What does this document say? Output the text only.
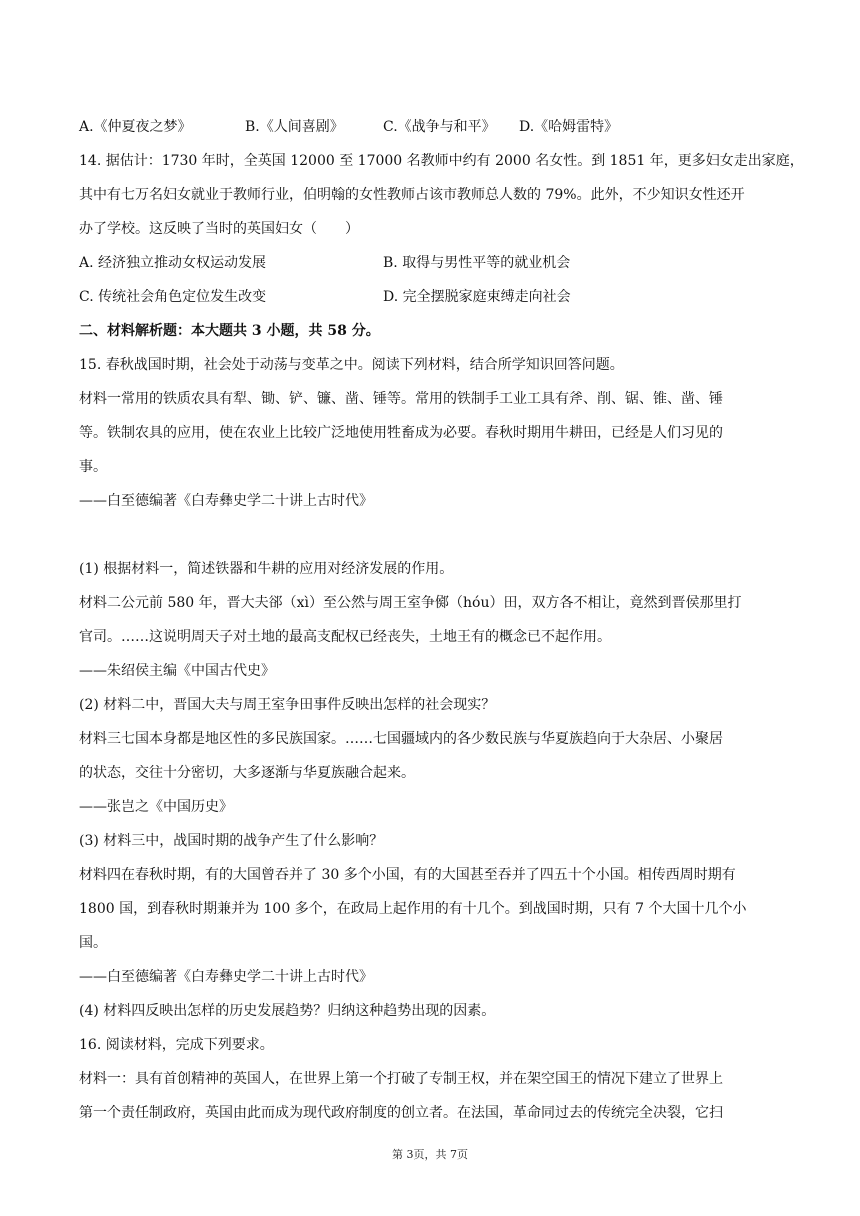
A.《仲夏夜之梦》	B.《人间喜剧》	C.《战争与和平》 D.《哈姆雷特》
14. 据估计：1730 年时，全英国 12000 至 17000 名教师中约有 2000 名女性。到 1851 年，更多妇女走出家庭，
其中有七万名妇女就业于教师行业，伯明翰的女性教师占该市教师总人数的 79%。此外，不少知识女性还开
办了学校。这反映了当时的英国妇女（　　）
A. 经济独立推动女权运动发展	B. 取得与男性平等的就业机会
C. 传统社会角色定位发生改变	D. 完全摆脱家庭束缚走向社会
二、材料解析题：本大题共 3 小题，共 58 分。
15. 春秋战国时期，社会处于动荡与变革之中。阅读下列材料，结合所学知识回答问题。
材料一常用的铁质农具有犁、锄、铲、镰、凿、锤等。常用的铁制手工业工具有斧、削、锯、锥、凿、锤
等。铁制农具的应用，使在农业上比较广泛地使用牲畜成为必要。春秋时期用牛耕田，已经是人们习见的
事。
——白至德编著《白寿彝史学二十讲上古时代》
(1) 根据材料一，简述铁器和牛耕的应用对经济发展的作用。
材料二公元前 580 年，晋大夫郤（xì）至公然与周王室争鄇（hóu）田，双方各不相让，竟然到晋侯那里打
官司。……这说明周天子对土地的最高支配权已经丧失，土地王有的概念已不起作用。
——朱绍侯主编《中国古代史》
(2) 材料二中，晋国大夫与周王室争田事件反映出怎样的社会现实？
材料三七国本身都是地区性的多民族国家。……七国疆域内的各少数民族与华夏族趋向于大杂居、小聚居
的状态，交往十分密切，大多逐渐与华夏族融合起来。
——张岂之《中国历史》
(3) 材料三中，战国时期的战争产生了什么影响？
材料四在春秋时期，有的大国曾吞并了 30 多个小国，有的大国甚至吞并了四五十个小国。相传西周时期有
1800 国，到春秋时期兼并为 100 多个，在政局上起作用的有十几个。到战国时期，只有 7 个大国十几个小
国。
——白至德编著《白寿彝史学二十讲上古时代》
(4) 材料四反映出怎样的历史发展趋势？归纳这种趋势出现的因素。
16. 阅读材料，完成下列要求。
材料一：具有首创精神的英国人，在世界上第一个打破了专制王权，并在架空国王的情况下建立了世界上
第一个责任制政府，英国由此而成为现代政府制度的创立者。在法国，革命同过去的传统完全决裂，它扫
第 3页，共 7页
